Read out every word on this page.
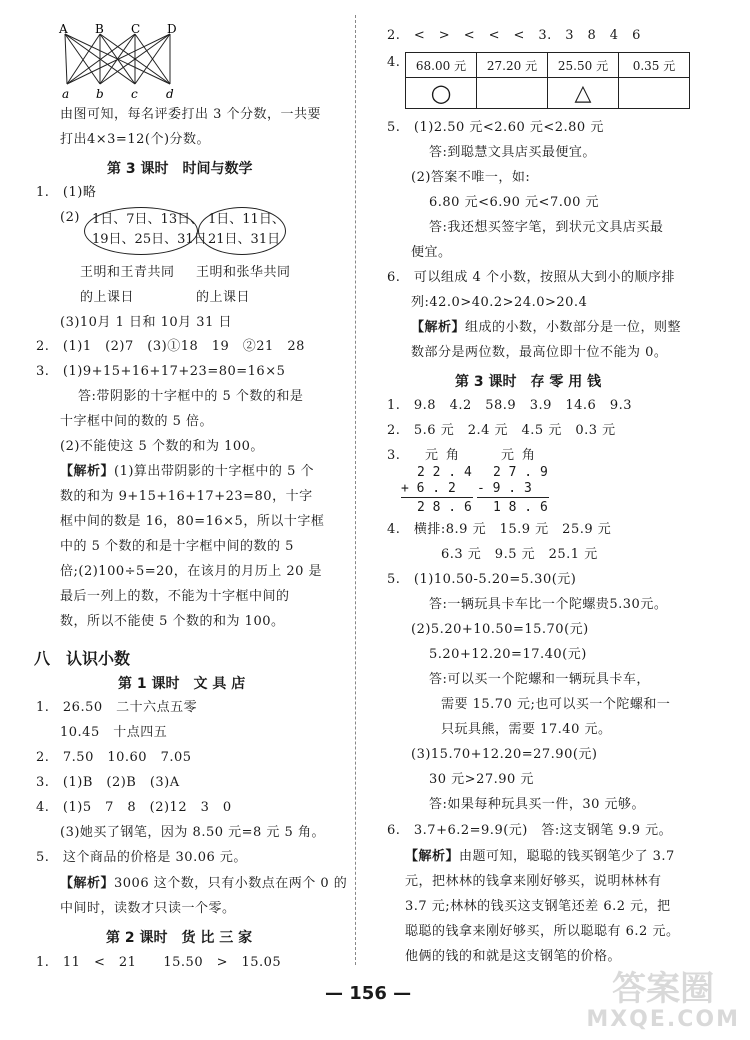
A B C D
a b c d
由图可知，每名评委打出 3 个分数，一共要
打出4×3=12(个)分数。
第 3 课时　时间与数学
1.　(1)略
(2) 1日、7日、13日、
19日、25日、31日
1日、11日、
21日、31日
王明和王青共同
的上课日
王明和张华共同
的上课日
(3)10月 1 日和 10月 31 日
2.　(1)1　(2)7　(3)①18　19　②21　28
3.　(1)9+15+16+17+23=80=16×5
答:带阴影的十字框中的 5 个数的和是
十字框中间的数的 5 倍。
(2)不能使这 5 个数的和为 100。
【解析】(1)算出带阴影的十字框中的 5 个
数的和为 9+15+16+17+23=80，十字
框中间的数是 16，80=16×5，所以十字框
中的 5 个数的和是十字框中间的数的 5
倍;(2)100÷5=20，在该月的月历上 20 是
最后一列上的数，不能为十字框中间的
数，所以不能使 5 个数的和为 100。
八　认识小数
第 1 课时　文 具 店
1.　26.50　二十六点五零
10.45　十点四五
2.　7.50　10.60　7.05
3.　(1)B　(2)B　(3)A
4.　(1)5　7　8　(2)12　3　0
(3)她买了钢笔，因为 8.50 元=8 元 5 角。
5.　这个商品的价格是 30.06 元。
【解析】3006 这个数，只有小数点在两个 0 的
中间时，读数才只读一个零。
第 2 课时　货 比 三 家
1.　11　<　21　　15.50　>　15.05
2.　<　>　<　<　<　3.　3　8　4　6
4. 68.00 元	27.20 元	25.50 元	0.35 元
○		△	
5.　(1)2.50 元<2.60 元<2.80 元
答:到聪慧文具店买最便宜。
(2)答案不唯一，如:
6.80 元<6.90 元<7.00 元
答:我还想买签字笔，到状元文具店买最
便宜。
6.　可以组成 4 个小数，按照从大到小的顺序排
列:42.0>40.2>24.0>20.4
【解析】组成的小数，小数部分是一位，则整
数部分是两位数，最高位即十位不能为 0。
第 3 课时　存 零 用 钱
1.　9.8　4.2　58.9　3.9　14.6　9.3
2.　5.6 元　2.4 元　4.5 元　0.3 元
3. 元 角	元 角
2 2 . 4
+ 6 . 2
2 8 . 6
2 7 . 9
- 9 . 3
1 8 . 6
4.　横排:8.9 元　15.9 元　25.9 元
6.3 元　9.5 元　25.1 元
5.　(1)10.50-5.20=5.30(元)
答:一辆玩具卡车比一个陀螺贵5.30元。
(2)5.20+10.50=15.70(元)
5.20+12.20=17.40(元)
答:可以买一个陀螺和一辆玩具卡车，
需要 15.70 元;也可以买一个陀螺和一
只玩具熊，需要 17.40 元。
(3)15.70+12.20=27.90(元)
30 元>27.90 元
答:如果每种玩具买一件，30 元够。
6.　3.7+6.2=9.9(元)　答:这支钢笔 9.9 元。
【解析】由题可知，聪聪的钱买钢笔少了 3.7
元，把林林的钱拿来刚好够买，说明林林有
3.7 元;林林的钱买这支钢笔还差 6.2 元，把
聪聪的钱拿来刚好够买，所以聪聪有 6.2 元。
他俩的钱的和就是这支钢笔的价格。
— 156 —	答案圈
MXQE.COM
